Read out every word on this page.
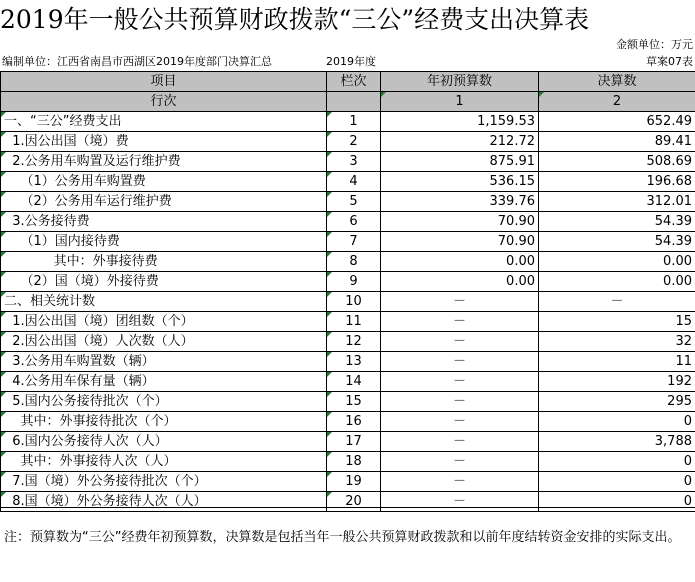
2019年一般公共预算财政拨款“三公”经费支出决算表
金额单位：万元
编制单位：江西省南昌市西湖区2019年度部门决算汇总	2019年度	草案07表
项目	栏次	年初预算数	决算数
行次		1	2
一、“三公”经费支出	1	1,159.53	652.49
1.因公出国（境）费	2	212.72	89.41
2.公务用车购置及运行维护费	3	875.91	508.69
（1）公务用车购置费	4	536.15	196.68
（2）公务用车运行维护费	5	339.76	312.01
3.公务接待费	6	70.90	54.39
（1）国内接待费	7	70.90	54.39
其中：外事接待费	8	0.00	0.00
（2）国（境）外接待费	9	0.00	0.00
二、相关统计数	10	－	－
1.因公出国（境）团组数（个）	11	－	15
2.因公出国（境）人次数（人）	12	－	32
3.公务用车购置数（辆）	13	－	11
4.公务用车保有量（辆）	14	－	192
5.国内公务接待批次（个）	15	－	295
其中：外事接待批次（个）	16	－	0
6.国内公务接待人次（人）	17	－	3,788
其中：外事接待人次（人）	18	－	0
7.国（境）外公务接待批次（个）	19	－	0
8.国（境）外公务接待人次（人）	20	－	0
注：预算数为“三公”经费年初预算数，决算数是包括当年一般公共预算财政拨款和以前年度结转资金安排的实际支出。
